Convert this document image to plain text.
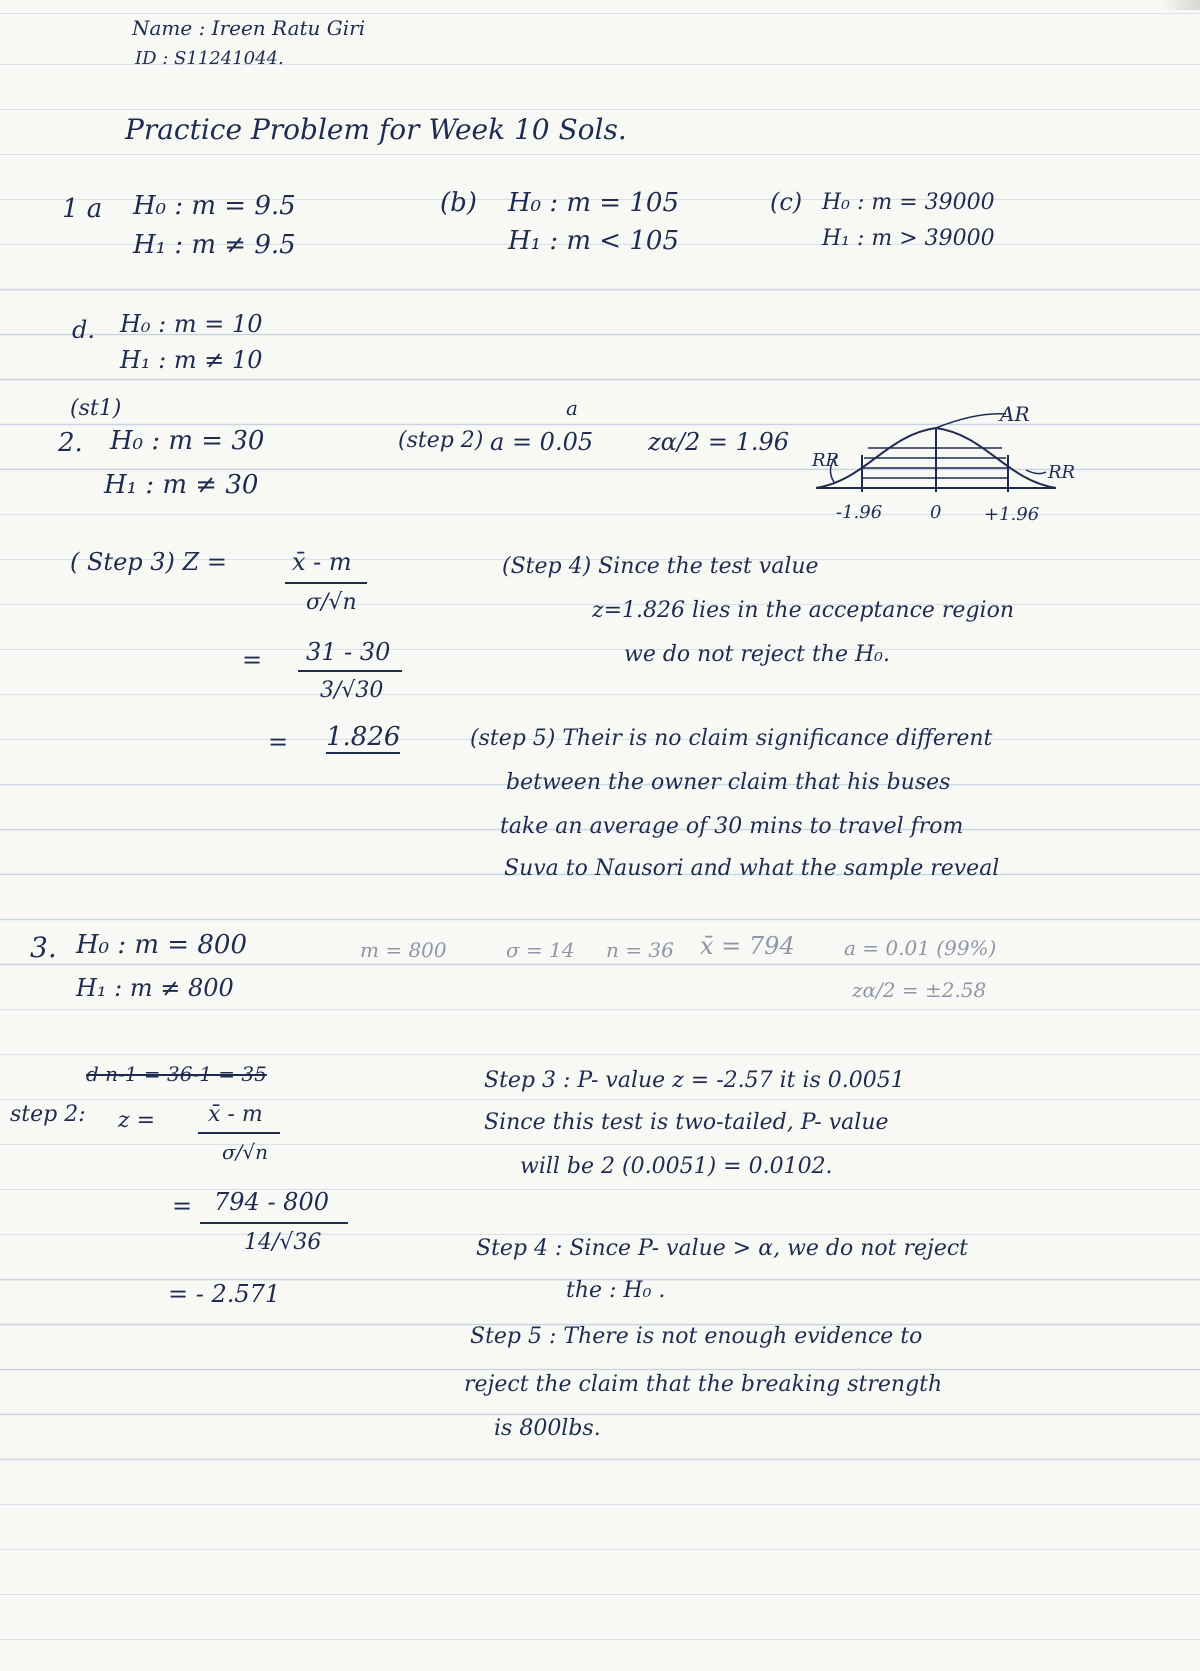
Name : Ireen Ratu Giri
ID : S11241044.
Practice Problem for Week 10 Sols.
1 a H₀ : m = 9.5
H₁ : m ≠ 9.5
(b) H₀ : m = 105
H₁ : m < 105
(c) H₀ : m = 39000
H₁ : m > 39000
d. H₀ : m = 10
H₁ : m ≠ 10
(st1)
2. H₀ : m = 30
H₁ : m ≠ 30
a
(step 2) a = 0.05 zα/2 = 1.96
AR
RR
RR
-1.96	0 +1.96
( Step 3) Z =	x̄ - m
σ/√n
= 31 - 30
3/√30
= 1.826
(Step 4) Since the test value
z=1.826 lies in the acceptance region
we do not reject the H₀.
(step 5) Their is no claim significance different
between the owner claim that his buses
take an average of 30 mins to travel from
Suva to Nausori and what the sample reveal
3. H₀ : m = 800
H₁ : m ≠ 800
m = 800	σ = 14 n = 36 x̄ = 794 a = 0.01 (99%)
zα/2 = ±2.58
d n-1 = 36-1 = 35
step 2: z = x̄ - m
σ/√n
= 794 - 800
14/√36
= - 2.571
Step 3 : P- value z = -2.57 it is 0.0051
Since this test is two-tailed, P- value
will be 2 (0.0051) = 0.0102.
Step 4 : Since P- value > α, we do not reject
the : H₀ .
Step 5 : There is not enough evidence to
reject the claim that the breaking strength
is 800lbs.
